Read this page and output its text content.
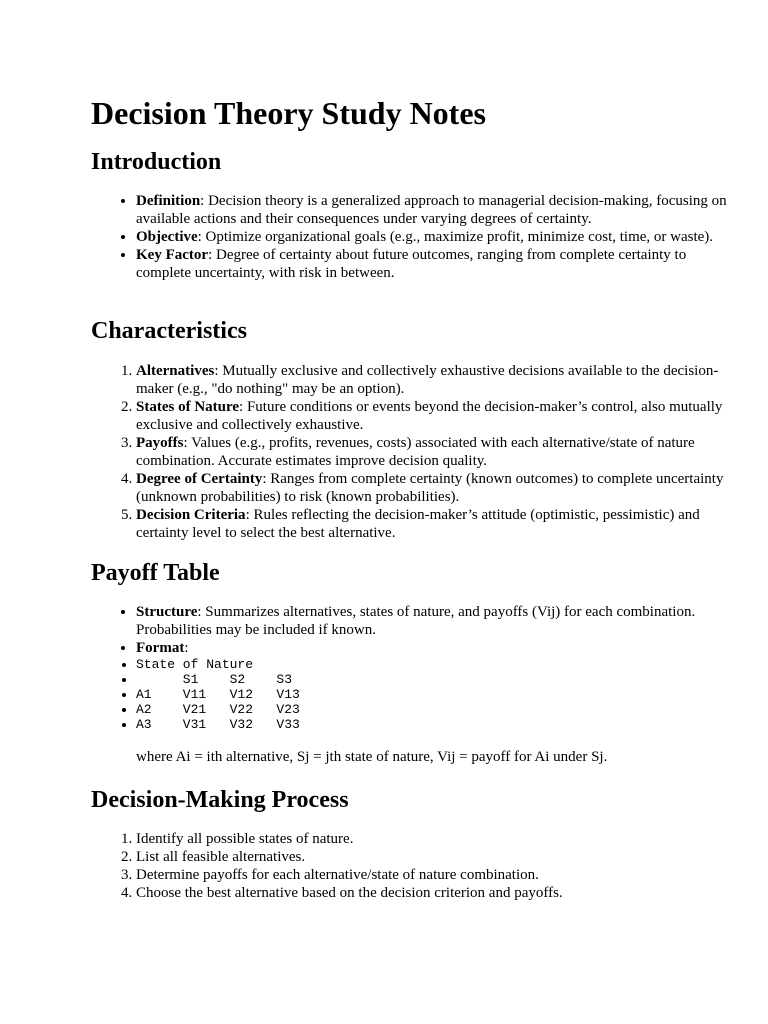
Decision Theory Study Notes
Introduction
• Definition: Decision theory is a generalized approach to managerial decision-making, focusing on available actions and their consequences under varying degrees of certainty.
• Objective: Optimize organizational goals (e.g., maximize profit, minimize cost, time, or waste).
• Key Factor: Degree of certainty about future outcomes, ranging from complete certainty to complete uncertainty, with risk in between.
Characteristics
1. Alternatives: Mutually exclusive and collectively exhaustive decisions available to the decision-maker (e.g., "do nothing" may be an option).
2. States of Nature: Future conditions or events beyond the decision-maker’s control, also mutually exclusive and collectively exhaustive.
3. Payoffs: Values (e.g., profits, revenues, costs) associated with each alternative/state of nature combination. Accurate estimates improve decision quality.
4. Degree of Certainty: Ranges from complete certainty (known outcomes) to complete uncertainty (unknown probabilities) to risk (known probabilities).
5. Decision Criteria: Rules reflecting the decision-maker’s attitude (optimistic, pessimistic) and certainty level to select the best alternative.
Payoff Table
• Structure: Summarizes alternatives, states of nature, and payoffs (Vij) for each combination. Probabilities may be included if known.
• Format:
• State of Nature
•       S1    S2    S3
• A1    V11   V12   V13
• A2    V21   V22   V23
• A3    V31   V32   V33
where Ai = ith alternative, Sj = jth state of nature, Vij = payoff for Ai under Sj.
Decision-Making Process
1. Identify all possible states of nature.
2. List all feasible alternatives.
3. Determine payoffs for each alternative/state of nature combination.
4. Choose the best alternative based on the decision criterion and payoffs.
